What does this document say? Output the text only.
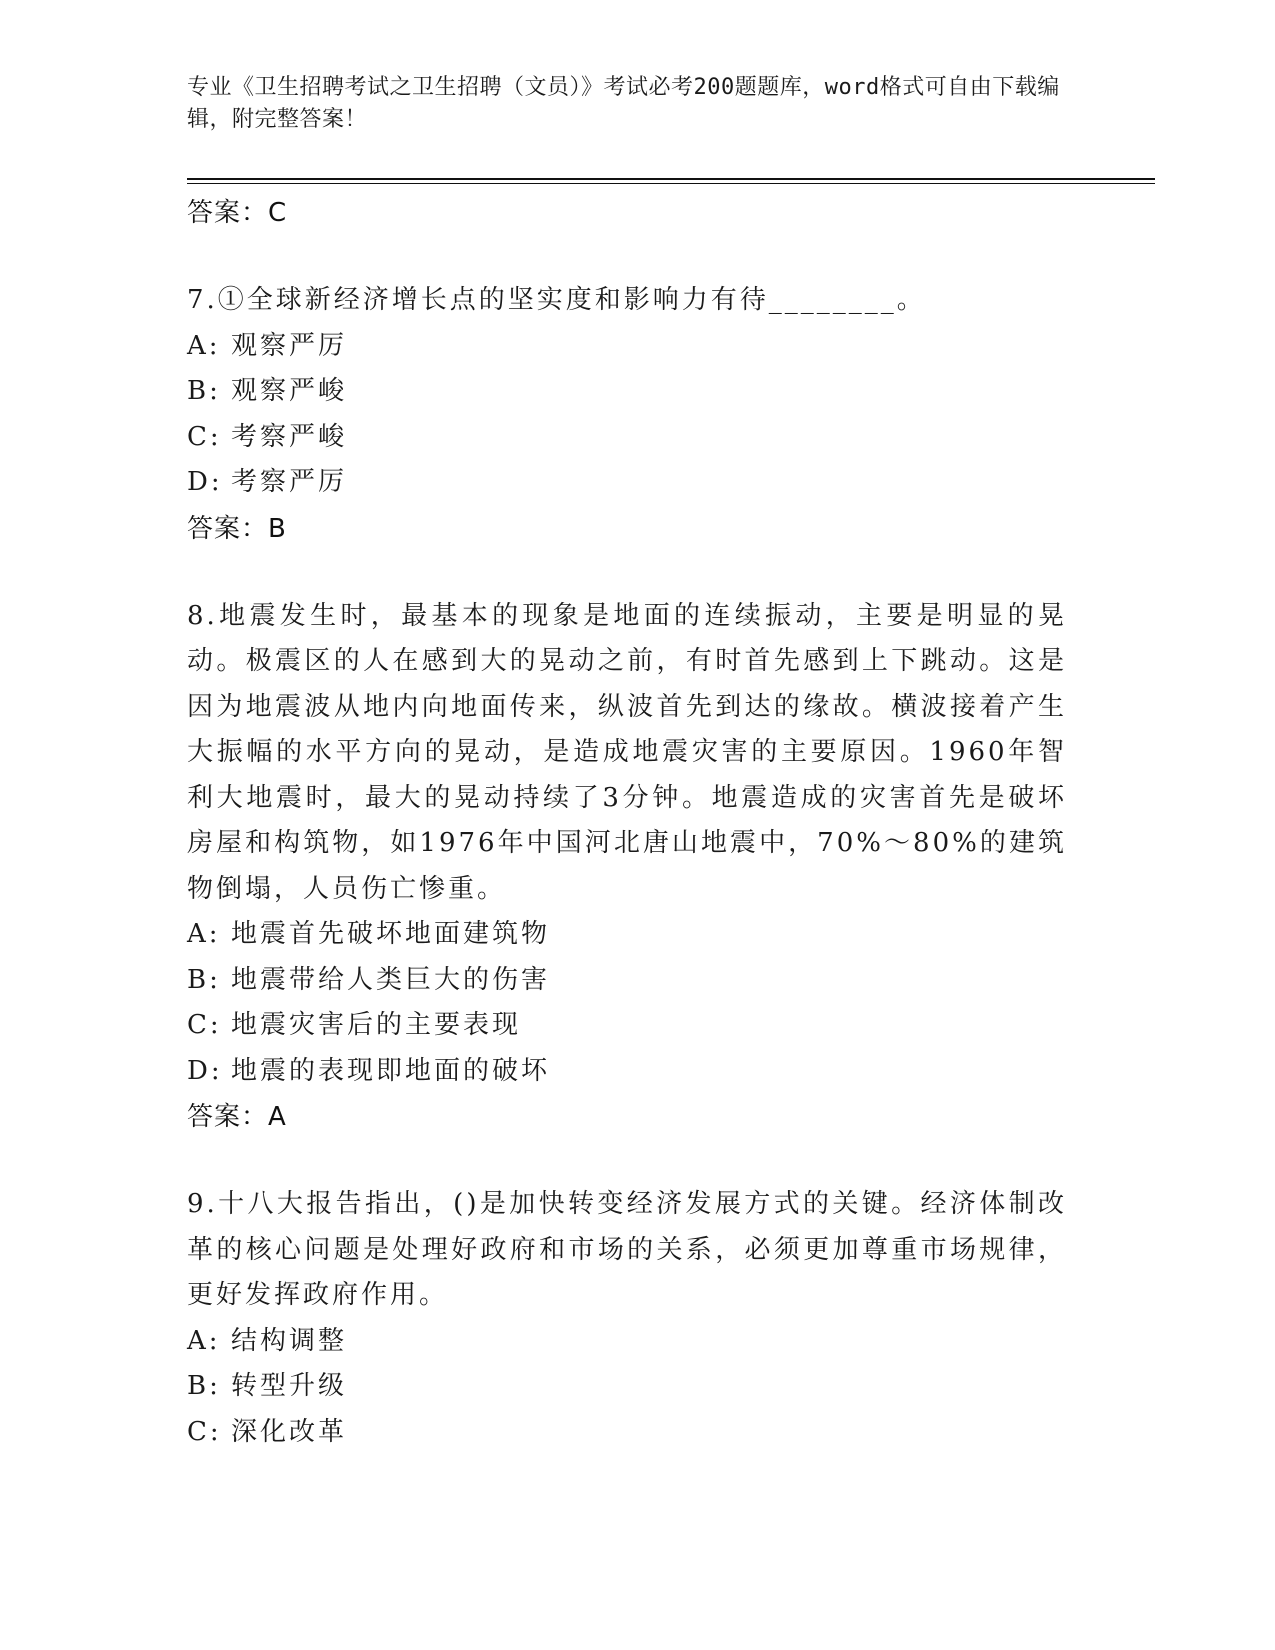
专业《卫生招聘考试之卫生招聘（文员）》考试必考200题题库，word格式可自由下载编辑，附完整答案！
答案：C

7.①全球新经济增长点的坚实度和影响力有待________。

A: 观察严厉
B: 观察严峻
C: 考察严峻
D: 考察严厉
答案：B

8.地震发生时，最基本的现象是地面的连续振动，主要是明显的晃动。极震区的人在感到大的晃动之前，有时首先感到上下跳动。这是因为地震波从地内向地面传来，纵波首先到达的缘故。横波接着产生大振幅的水平方向的晃动，是造成地震灾害的主要原因。1960年智利大地震时，最大的晃动持续了3分钟。地震造成的灾害首先是破坏房屋和构筑物，如1976年中国河北唐山地震中，70%～80%的建筑物倒塌，人员伤亡惨重。

A: 地震首先破坏地面建筑物
B: 地震带给人类巨大的伤害
C: 地震灾害后的主要表现
D: 地震的表现即地面的破坏
答案：A

9.十八大报告指出，()是加快转变经济发展方式的关键。经济体制改革的核心问题是处理好政府和市场的关系，必须更加尊重市场规律，更好发挥政府作用。

A: 结构调整
B: 转型升级
C: 深化改革
